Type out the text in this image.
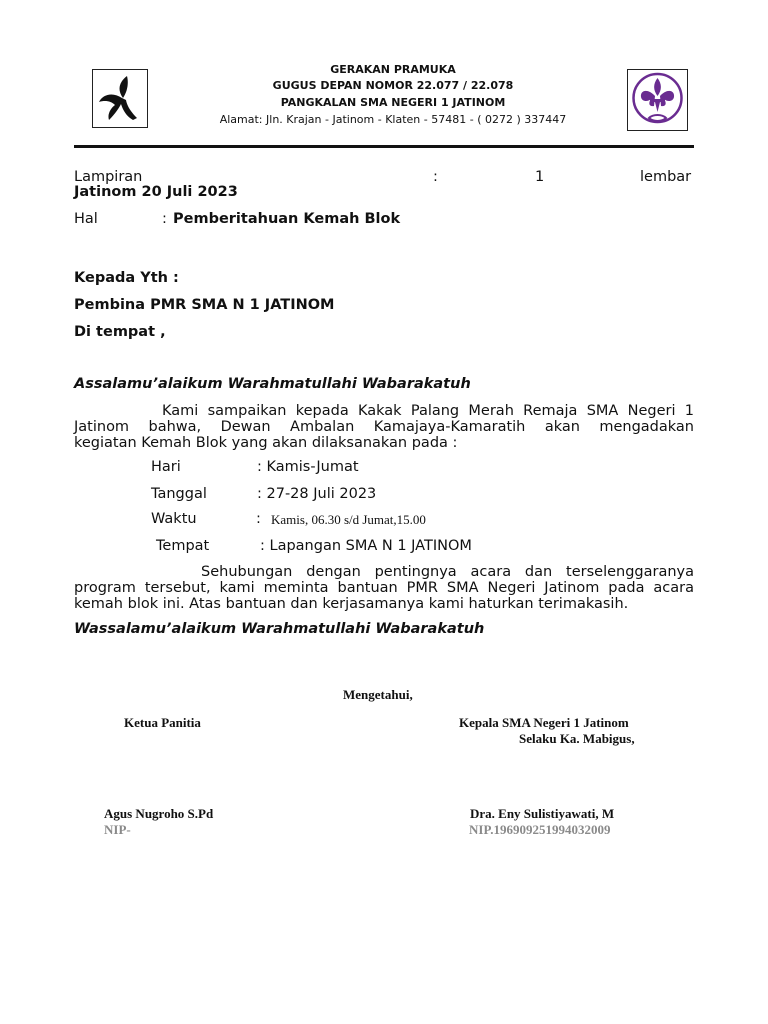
GERAKAN PRAMUKA
GUGUS DEPAN NOMOR 22.077 / 22.078
PANGKALAN SMA NEGERI 1 JATINOM
Alamat: Jln. Krajan - Jatinom - Klaten - 57481 - ( 0272 ) 337447
Lampiran	:	1	lembar
Jatinom 20 Juli 2023
Hal	: Pemberitahuan Kemah Blok
Kepada Yth :
Pembina PMR SMA N 1 JATINOM
Di tempat ,
Assalamu’alaikum Warahmatullahi Wabarakatuh
Kami sampaikan kepada Kakak Palang Merah Remaja SMA Negeri 1
Jatinom bahwa, Dewan Ambalan Kamajaya-Kamaratih akan mengadakan
kegiatan Kemah Blok yang akan dilaksanakan pada :
Hari	: Kamis-Jumat
Tanggal	: 27-28 Juli 2023
Waktu	: Kamis, 06.30 s/d Jumat,15.00
Tempat	: Lapangan SMA N 1 JATINOM
Sehubungan dengan pentingnya acara dan terselenggaranya
program tersebut, kami meminta bantuan PMR SMA Negeri Jatinom pada acara
kemah blok ini. Atas bantuan dan kerjasamanya kami haturkan terimakasih.
Wassalamu’alaikum Warahmatullahi Wabarakatuh
Mengetahui,
Ketua Panitia	Kepala SMA Negeri 1 Jatinom
Selaku Ka. Mabigus,
Agus Nugroho S.Pd
NIP-
Dra. Eny Sulistiyawati, M
NIP.196909251994032009
